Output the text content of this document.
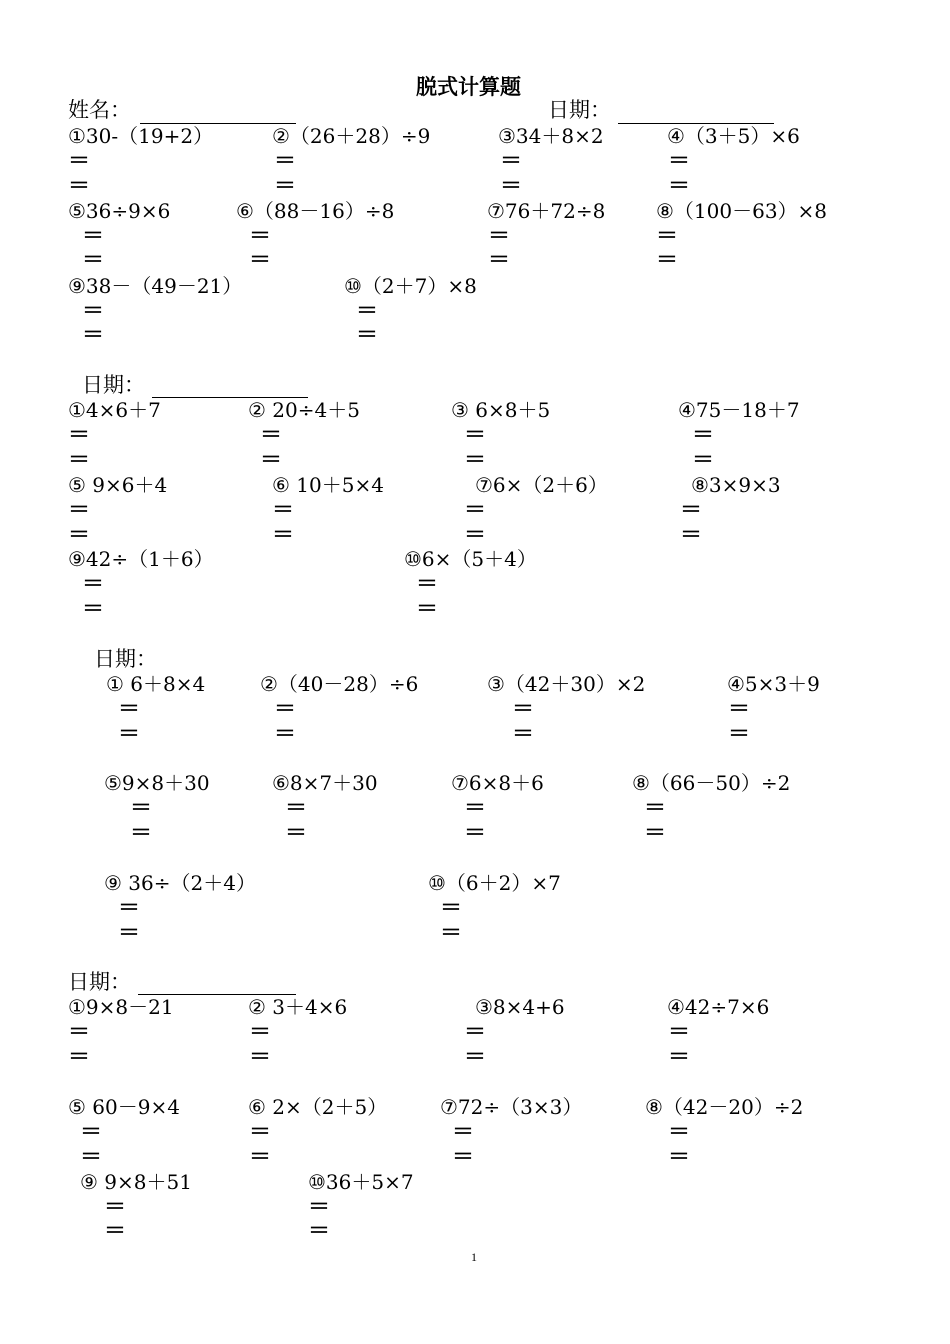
脱式计算题
姓名：	日期：
①30-（19+2）	②（26＋28）÷9	③34＋8×2	④（3＋5）×6
＝
＝
＝
＝
＝
＝
＝
＝
⑤36÷9×6	⑥（88－16）÷8	⑦76＋72÷8	⑧（100－63）×8
＝
＝
＝
＝
＝
＝
＝
＝
⑨38－（49－21）	⑩（2＋7）×8
＝
＝
＝
＝
日期：
①4×6＋7	② 20÷4＋5	③ 6×8＋5	④75－18＋7
＝
＝
＝
＝
＝
＝
＝
＝
⑤ 9×6＋4	⑥ 10＋5×4	⑦6×（2＋6）	⑧3×9×3
＝
＝
＝
＝
＝
＝
＝
＝
⑨42÷（1＋6）	⑩6×（5＋4）
＝
＝
＝
＝
日期：
① 6＋8×4	②（40－28）÷6	③（42＋30）×2	④5×3＋9
＝
＝
＝
＝
＝
＝
＝
＝
⑤9×8＋30	⑥8×7＋30	⑦6×8＋6	⑧（66－50）÷2
＝
＝
＝
＝
＝
＝
＝
＝
⑨ 36÷（2＋4）	⑩（6＋2）×7
＝
＝
＝
＝
日期：
①9×8－21	② 3＋4×6	③8×4+6	④42÷7×6
＝
＝
＝
＝
＝
＝
＝
＝
⑤ 60－9×4	⑥ 2×（2＋5）	⑦72÷（3×3）	⑧（42－20）÷2
＝
＝
＝
＝
＝
＝
＝
＝
⑨ 9×8＋51	⑩36＋5×7
＝
＝
＝
＝
1
